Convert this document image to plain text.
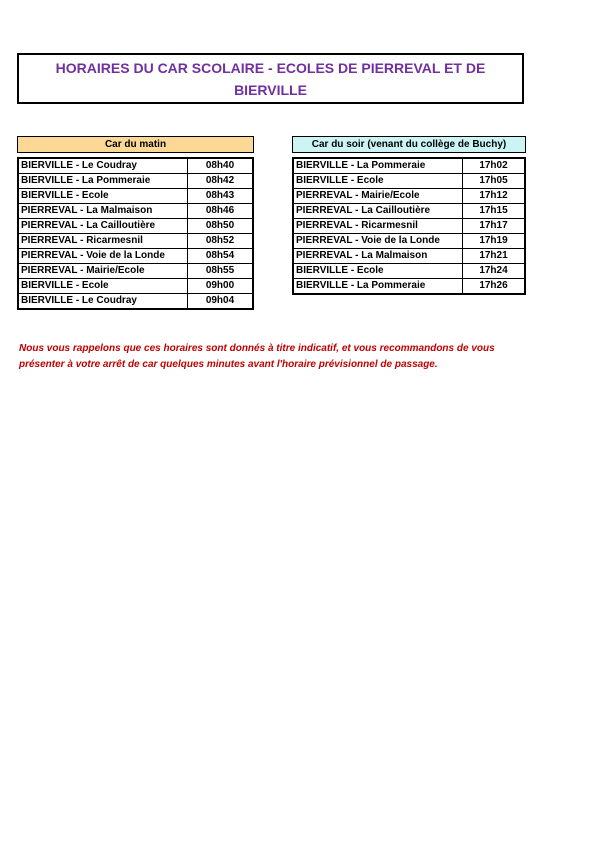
HORAIRES DU CAR SCOLAIRE - ECOLES DE PIERREVAL ET DE BIERVILLE
Car du matin	Car du soir (venant du collège de Buchy)
BIERVILLE - Le Coudray	08h40
BIERVILLE - La Pommeraie	08h42
BIERVILLE - Ecole	08h43
PIERREVAL - La Malmaison	08h46
PIERREVAL - La Cailloutière	08h50
PIERREVAL - Ricarmesnil	08h52
PIERREVAL - Voie de la Londe	08h54
PIERREVAL - Mairie/Ecole	08h55
BIERVILLE - Ecole	09h00
BIERVILLE - Le Coudray	09h04
BIERVILLE - La Pommeraie	17h02
BIERVILLE - Ecole	17h05
PIERREVAL - Mairie/Ecole	17h12
PIERREVAL - La Cailloutière	17h15
PIERREVAL - Ricarmesnil	17h17
PIERREVAL - Voie de la Londe	17h19
PIERREVAL - La Malmaison	17h21
BIERVILLE - Ecole	17h24
BIERVILLE - La Pommeraie	17h26
Nous vous rappelons que ces horaires sont donnés à titre indicatif, et vous recommandons de vous présenter à votre arrêt de car quelques minutes avant l'horaire prévisionnel de passage.
